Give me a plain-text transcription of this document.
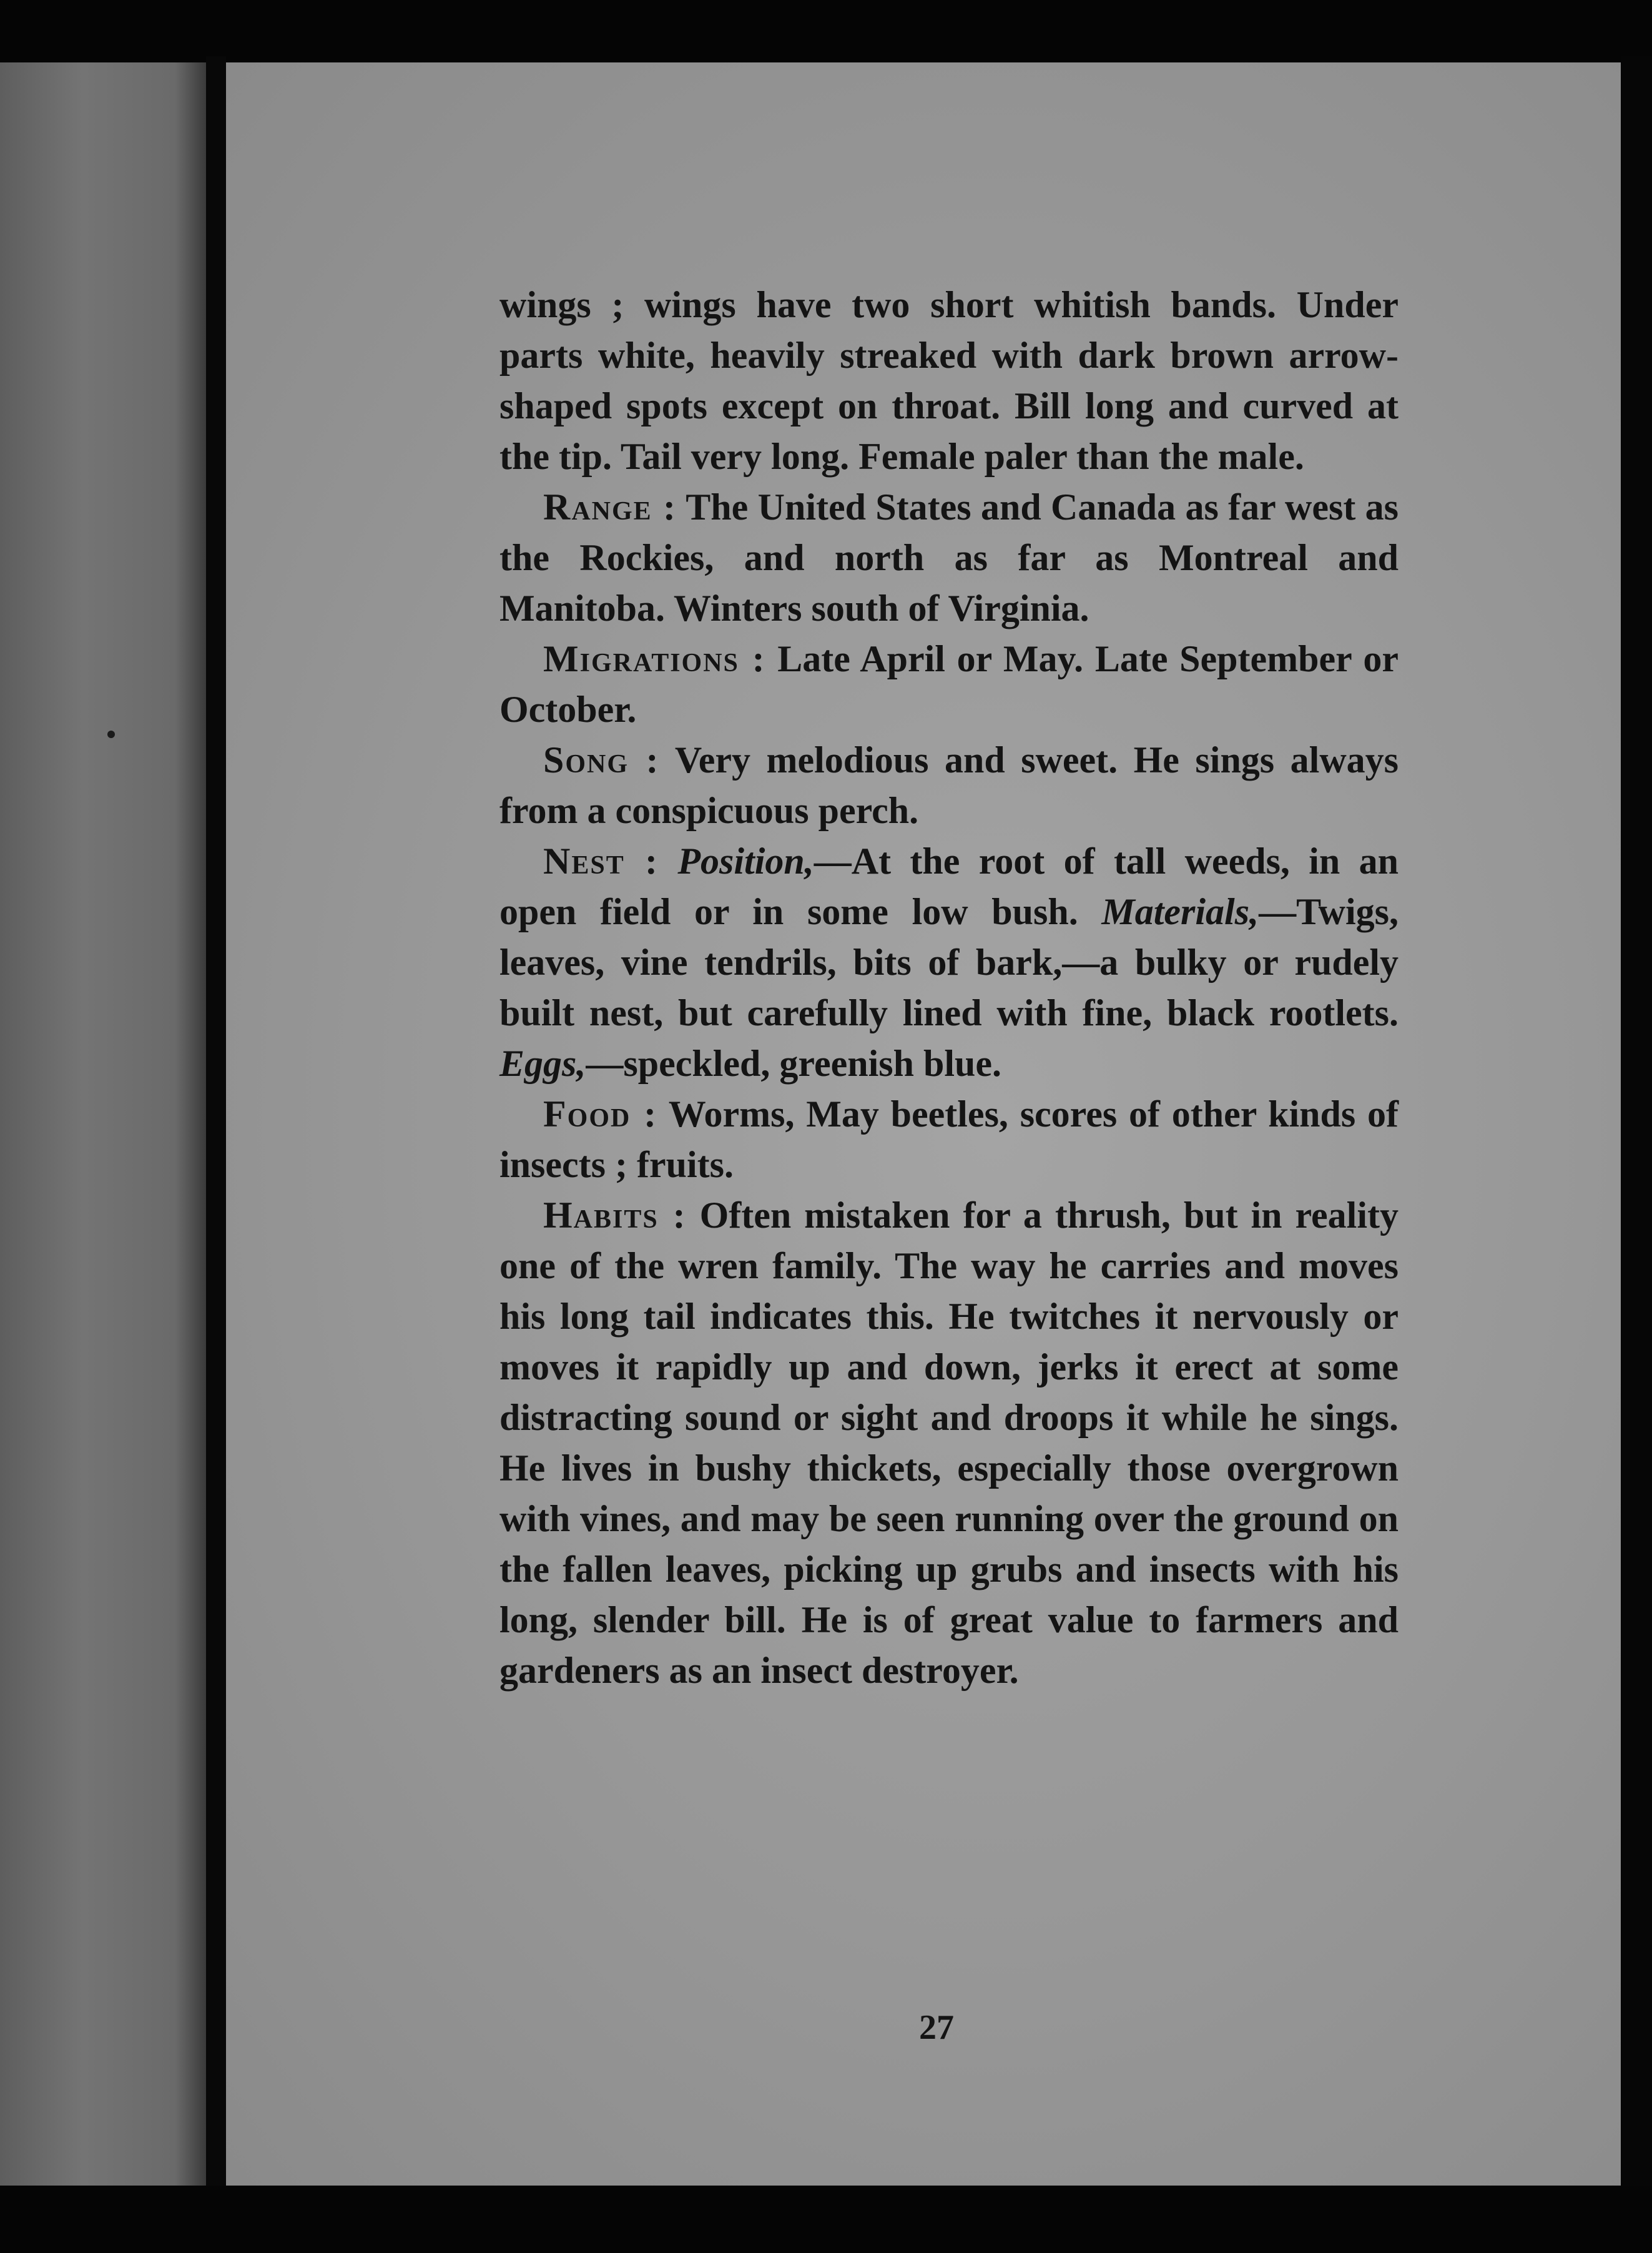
wings ; wings have two short whitish bands. Under parts white, heavily streaked with dark brown arrow-shaped spots except on throat. Bill long and curved at the tip. Tail very long. Female paler than the male.

Range : The United States and Canada as far west as the Rockies, and north as far as Montreal and Manitoba. Winters south of Virginia.

Migrations : Late April or May. Late September or October.

Song : Very melodious and sweet. He sings always from a conspicuous perch.

Nest : Position,—At the root of tall weeds, in an open field or in some low bush. Materials,—Twigs, leaves, vine tendrils, bits of bark,—a bulky or rudely built nest, but carefully lined with fine, black rootlets. Eggs,—speckled, greenish blue.

Food : Worms, May beetles, scores of other kinds of insects ; fruits.

Habits : Often mistaken for a thrush, but in reality one of the wren family. The way he carries and moves his long tail indicates this. He twitches it nervously or moves it rapidly up and down, jerks it erect at some distracting sound or sight and droops it while he sings. He lives in bushy thickets, especially those overgrown with vines, and may be seen running over the ground on the fallen leaves, picking up grubs and insects with his long, slender bill. He is of great value to farmers and gardeners as an insect destroyer.

27
